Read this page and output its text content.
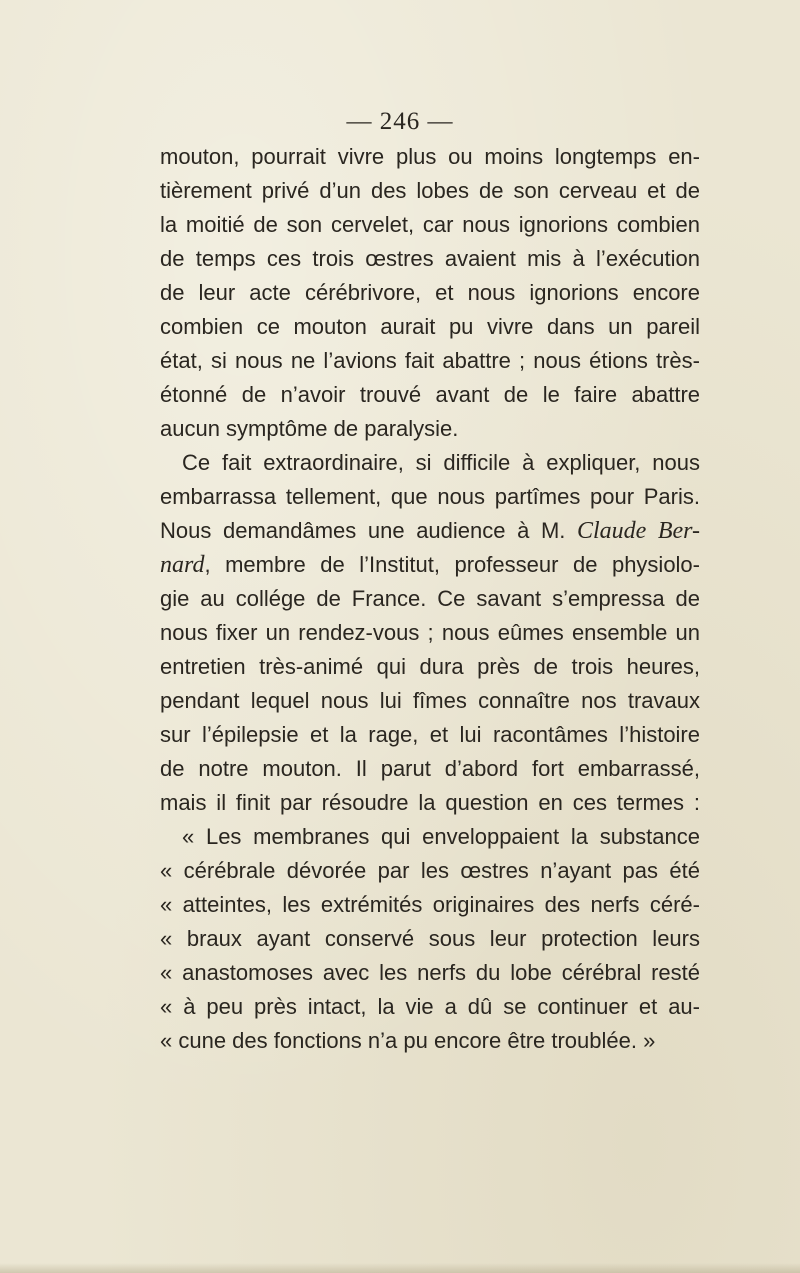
— 246 —
mouton, pourrait vivre plus ou moins longtemps en-
tièrement privé d’un des lobes de son cerveau et de
la moitié de son cervelet, car nous ignorions combien
de temps ces trois œstres avaient mis à l’exécution
de leur acte cérébrivore, et nous ignorions encore
combien ce mouton aurait pu vivre dans un pareil
état, si nous ne l’avions fait abattre ; nous étions très-
étonné de n’avoir trouvé avant de le faire abattre
aucun symptôme de paralysie.
Ce fait extraordinaire, si difficile à expliquer, nous
embarrassa tellement, que nous partîmes pour Paris.
Nous demandâmes une audience à M. Claude Ber-
nard, membre de l’Institut, professeur de physiolo-
gie au collége de France. Ce savant s’empressa de
nous fixer un rendez-vous ; nous eûmes ensemble un
entretien très-animé qui dura près de trois heures,
pendant lequel nous lui fîmes connaître nos travaux
sur l’épilepsie et la rage, et lui racontâmes l’histoire
de notre mouton. Il parut d’abord fort embarrassé,
mais il finit par résoudre la question en ces termes :
« Les membranes qui enveloppaient la substance
« cérébrale dévorée par les œstres n’ayant pas été
« atteintes, les extrémités originaires des nerfs céré-
« braux ayant conservé sous leur protection leurs
« anastomoses avec les nerfs du lobe cérébral resté
« à peu près intact, la vie a dû se continuer et au-
« cune des fonctions n’a pu encore être troublée. »
